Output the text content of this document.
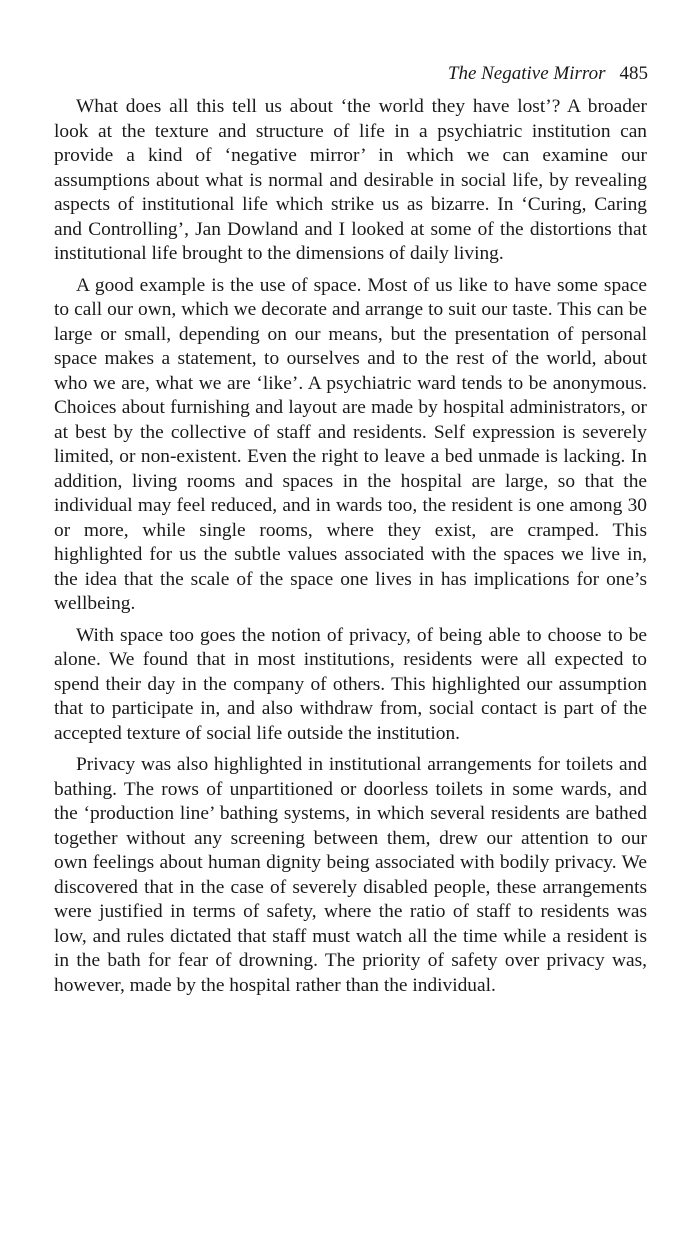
The Negative Mirror 485

What does all this tell us about ‘the world they have lost’? A broader look at the texture and structure of life in a psychiatric institution can provide a kind of ‘negative mirror’ in which we can examine our assumptions about what is normal and desirable in social life, by revealing aspects of institutional life which strike us as bizarre. In ‘Curing, Caring and Controlling’, Jan Dowland and I looked at some of the distortions that institutional life brought to the dimensions of daily living.

A good example is the use of space. Most of us like to have some space to call our own, which we decorate and arrange to suit our taste. This can be large or small, depending on our means, but the presentation of personal space makes a statement, to ourselves and to the rest of the world, about who we are, what we are ‘like’. A psychiatric ward tends to be anonymous. Choices about furnishing and layout are made by hospital administrators, or at best by the collective of staff and residents. Self expression is severely limited, or non-existent. Even the right to leave a bed unmade is lacking. In addition, living rooms and spaces in the hospital are large, so that the individual may feel reduced, and in wards too, the resident is one among 30 or more, while single rooms, where they exist, are cramped. This highlighted for us the subtle values associated with the spaces we live in, the idea that the scale of the space one lives in has implications for one’s wellbeing.

With space too goes the notion of privacy, of being able to choose to be alone. We found that in most institutions, residents were all expected to spend their day in the company of others. This highlighted our assumption that to participate in, and also withdraw from, social contact is part of the accepted texture of social life outside the institution.

Privacy was also highlighted in institutional arrangements for toilets and bathing. The rows of unpartitioned or doorless toilets in some wards, and the ‘production line’ bathing systems, in which several residents are bathed together without any screening between them, drew our attention to our own feelings about human dignity being associated with bodily privacy. We discovered that in the case of severely disabled people, these arrangements were justified in terms of safety, where the ratio of staff to residents was low, and rules dictated that staff must watch all the time while a resident is in the bath for fear of drowning. The priority of safety over privacy was, however, made by the hospital rather than the individual.
